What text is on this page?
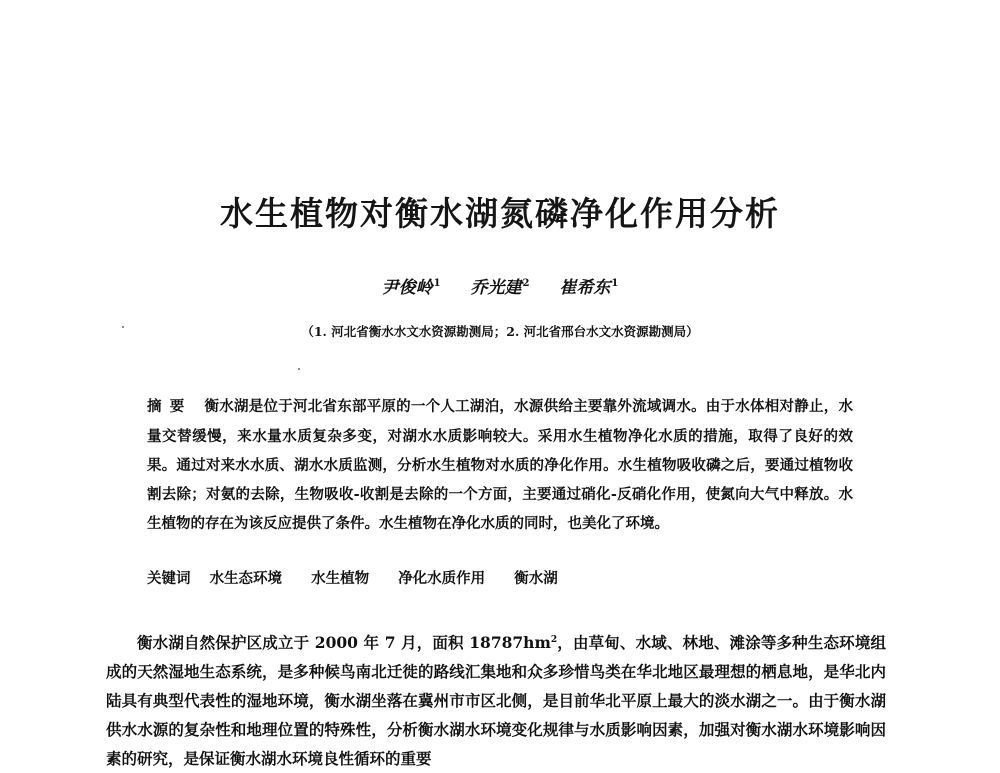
水生植物对衡水湖氮磷净化作用分析
尹俊岭$^1$ 乔光建$^2$ 崔希东$^1$
（1. 河北省衡水水文水资源勘测局；2. 河北省邢台水文水资源勘测局）
摘要 衡水湖是位于河北省东部平原的一个人工湖泊，水源供给主要靠外流域调水。由于水体相对静止，水量交替缓慢，来水量水质复杂多变，对湖水水质影响较大。采用水生植物净化水质的措施，取得了良好的效果。通过对来水水质、湖水水质监测，分析水生植物对水质的净化作用。水生植物吸收磷之后，要通过植物收割去除；对氨的去除，生物吸收-收割是去除的一个方面，主要通过硝化-反硝化作用，使氮向大气中释放。水生植物的存在为该反应提供了条件。水生植物在净化水质的同时，也美化了环境。
关键词 水生态环境 水生植物 净化水质作用 衡水湖
衡水湖自然保护区成立于 2000 年 7 月，面积 $18787hm^2$，由草甸、水域、林地、滩涂等多种生态环境组成的天然湿地生态系统，是多种候鸟南北迁徙的路线汇集地和众多珍惜鸟类在华北地区最理想的栖息地，是华北内陆具有典型代表性的湿地环境，衡水湖坐落在冀州市市区北侧，是目前华北平原上最大的淡水湖之一。由于衡水湖供水水源的复杂性和地理位置的特殊性，分析衡水湖水环境变化规律与水质影响因素，加强对衡水湖水环境影响因素的研究，是保证衡水湖水环境良性循环的重要
